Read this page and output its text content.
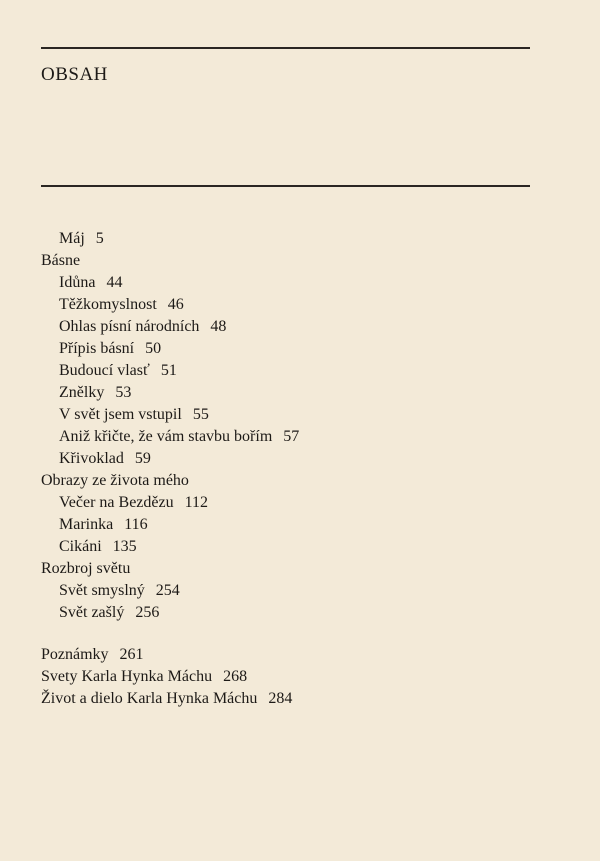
OBSAH
Máj 5
Básne
Idůna 44
Těžkomyslnost 46
Ohlas písní národních 48
Přípis básní 50
Budoucí vlasť 51
Znělky 53
V svět jsem vstupil 55
Aniž křičte, že vám stavbu bořím 57
Křivoklad 59
Obrazy ze života mého
Večer na Bezdězu 112
Marinka 116
Cikáni 135
Rozbroj světu
Svět smyslný 254
Svět zašlý 256
Poznámky 261
Svety Karla Hynka Máchu 268
Život a dielo Karla Hynka Máchu 284
